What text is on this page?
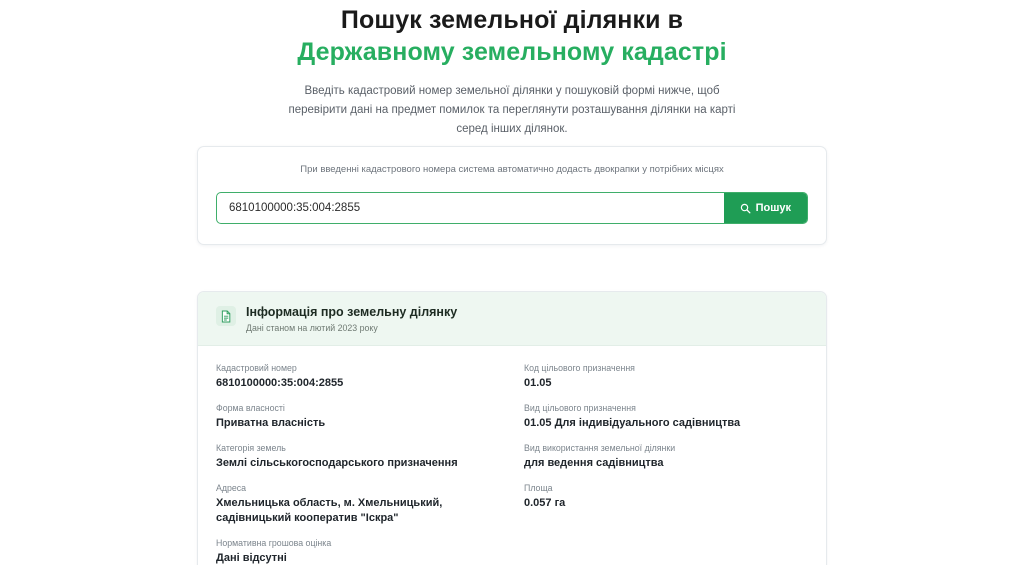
Пошук земельної ділянки в
Державному земельному кадастрі

Введіть кадастровий номер земельної ділянки у пошуковій формі нижче, щоб перевірити дані на предмет помилок та переглянути розташування ділянки на карті серед інших ділянок.

При введенні кадастрового номера система автоматично додасть двокрапки у потрібних місцях
6810100000:35:004:2855
Пошук
Інформація про земельну ділянку
Дані станом на лютий 2023 року
Кадастровий номер
6810100000:35:004:2855
Форма власності
Приватна власність
Категорія земель
Землі сільськогосподарського призначення
Адреса
Хмельницька область, м. Хмельницький, садівницький кооператив "Іскра"
Нормативна грошова оцінка
Дані відсутні
Код цільового призначення
01.05
Вид цільового призначення
01.05 Для індивідуального садівництва
Вид використання земельної ділянки
для ведення садівництва
Площа
0.057 га
